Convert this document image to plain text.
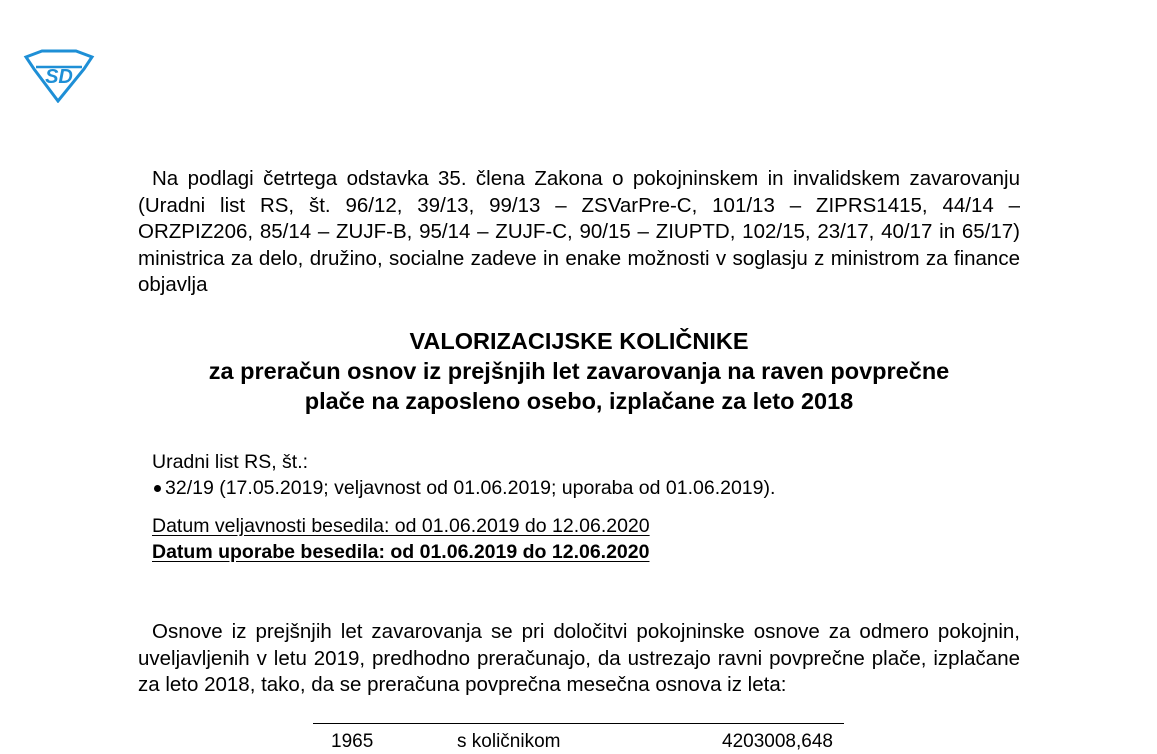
SD
Na podlagi četrtega odstavka 35. člena Zakona o pokojninskem in invalidskem zavarovanju (Uradni list RS, št. 96/12, 39/13, 99/13 – ZSVarPre-C, 101/13 – ZIPRS1415, 44/14 – ORZPIZ206, 85/14 – ZUJF-B, 95/14 – ZUJF-C, 90/15 – ZIUPTD, 102/15, 23/17, 40/17 in 65/17) ministrica za delo, družino, socialne zadeve in enake možnosti v soglasju z ministrom za finance objavlja
VALORIZACIJSKE KOLIČNIKE
za preračun osnov iz prejšnjih let zavarovanja na raven povprečne plače na zaposleno osebo, izplačane za leto 2018
Uradni list RS, št.:
32/19 (17.05.2019; veljavnost od 01.06.2019; uporaba od 01.06.2019).
Datum veljavnosti besedila: od 01.06.2019 do 12.06.2020
Datum uporabe besedila: od 01.06.2019 do 12.06.2020
Osnove iz prejšnjih let zavarovanja se pri določitvi pokojninske osnove za odmero pokojnin, uveljavljenih v letu 2019, predhodno preračunajo, da ustrezajo ravni povprečne plače, izplačane za leto 2018, tako, da se preračuna povprečna mesečna osnova iz leta:
1965	s količnikom	4203008,648
